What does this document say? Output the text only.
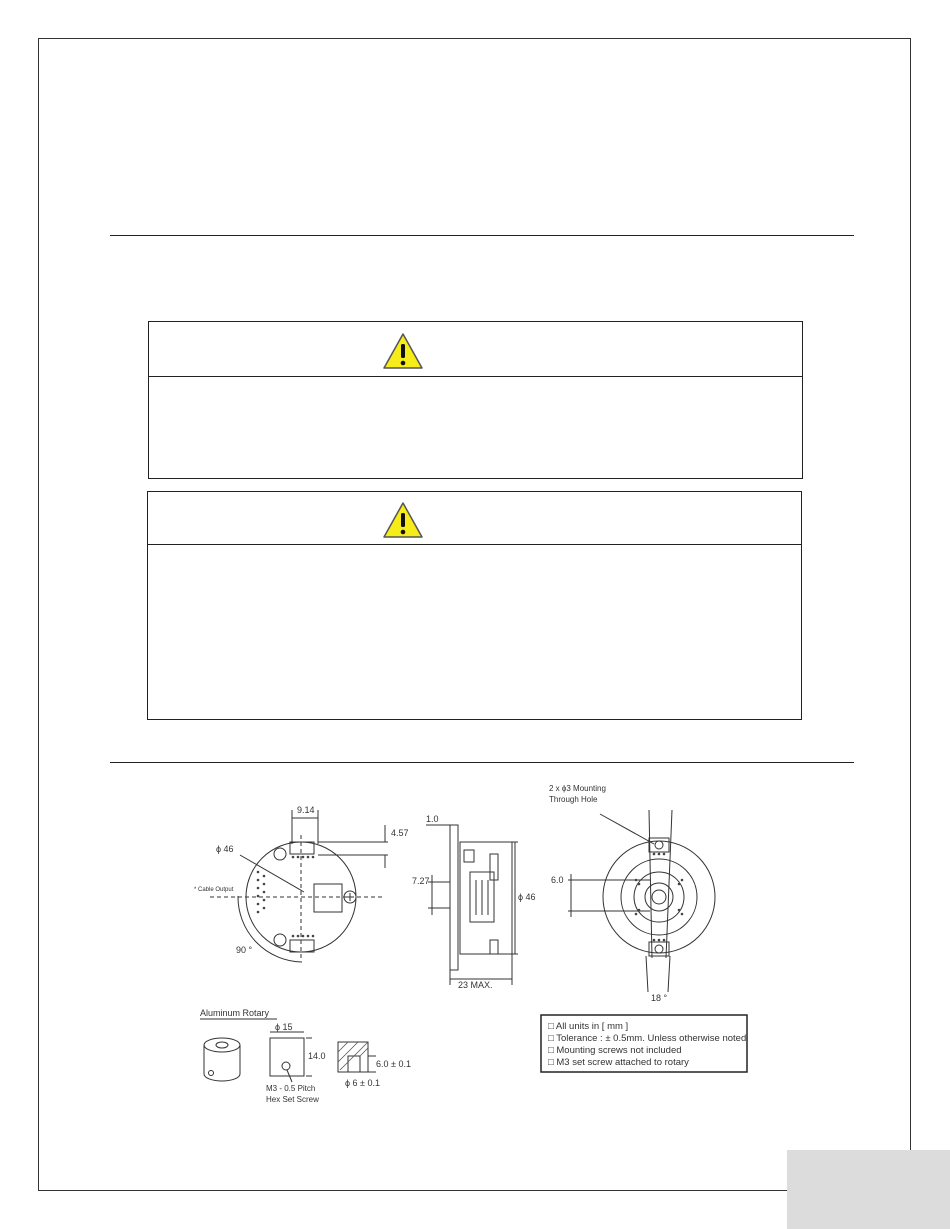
9.14
4.57
ϕ 46
* Cable Output
90 °
1.0
7.27
ϕ 46
23 MAX.
2 x ϕ3 Mounting
Through Hole
6.0
18 °
Aluminum Rotary
ϕ 15
14.0
M3 - 0.5 Pitch
Hex Set Screw
6.0 ± 0.1
ϕ 6 ± 0.1
□ All units in [ mm ]
□ Tolerance : ± 0.5mm. Unless otherwise noted
□ Mounting screws not included
□ M3 set screw attached to rotary
